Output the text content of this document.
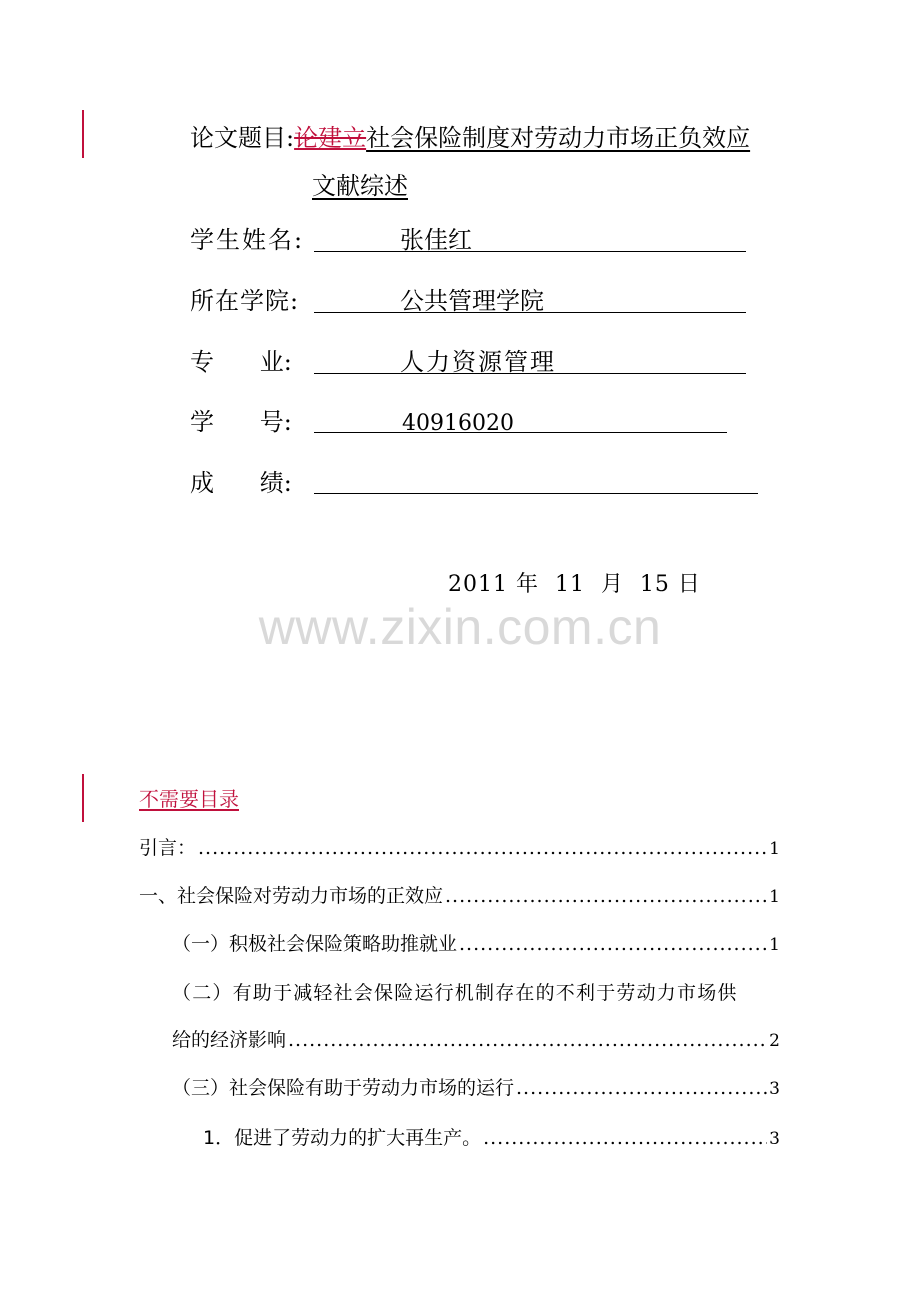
论文题目:论建立社会保险制度对劳动力市场正负效应
文献综述
学生姓名:	张佳红
所在学院:	公共管理学院
专      业:	人力资源管理
学      号:	40916020
成      绩:
2011 年  11  月  15 日
www.zixin.com.cn
不需要目录
引言： .....	1
一、社会保险对劳动力市场的正效应 .....	1
（一）积极社会保险策略助推就业 .....	1
（二）有助于减轻社会保险运行机制存在的不利于劳动力市场供
给的经济影响 .....	2
（三）社会保险有助于劳动力市场的运行 .....	3
1．促进了劳动力的扩大再生产。 .....	3
